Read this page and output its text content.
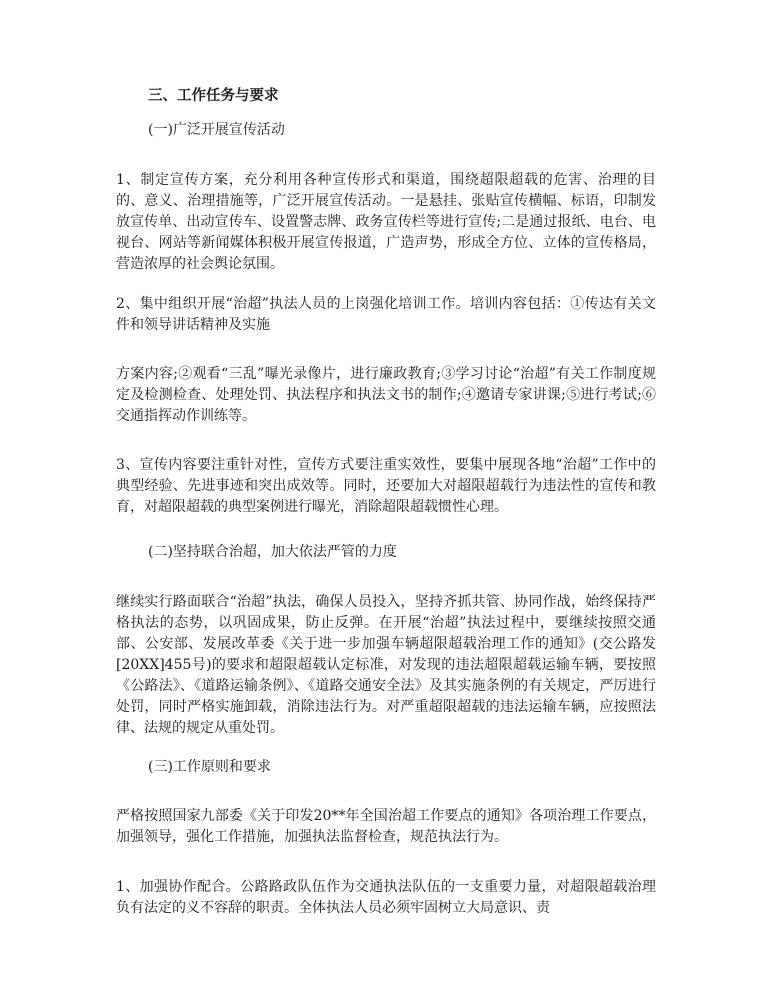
三、工作任务与要求
(一)广泛开展宣传活动
1、制定宣传方案，充分利用各种宣传形式和渠道，围绕超限超载的危害、治理的目的、意义、治理措施等，广泛开展宣传活动。一是悬挂、张贴宣传横幅、标语，印制发放宣传单、出动宣传车、设置警志牌、政务宣传栏等进行宣传;二是通过报纸、电台、电视台、网站等新闻媒体积极开展宣传报道，广造声势，形成全方位、立体的宣传格局，营造浓厚的社会舆论氛围。
2、集中组织开展“治超”执法人员的上岗强化培训工作。培训内容包括：①传达有关文件和领导讲话精神及实施
方案内容;②观看“三乱”曝光录像片，进行廉政教育;③学习讨论“治超”有关工作制度规定及检测检查、处理处罚、执法程序和执法文书的制作;④邀请专家讲课;⑤进行考试;⑥交通指挥动作训练等。
3、宣传内容要注重针对性，宣传方式要注重实效性，要集中展现各地“治超”工作中的典型经验、先进事迹和突出成效等。同时，还要加大对超限超载行为违法性的宣传和教育，对超限超载的典型案例进行曝光，消除超限超载惯性心理。
(二)坚持联合治超，加大依法严管的力度
继续实行路面联合“治超”执法，确保人员投入，坚持齐抓共管、协同作战，始终保持严格执法的态势，以巩固成果，防止反弹。在开展“治超”执法过程中，要继续按照交通部、公安部、发展改革委《关于进一步加强车辆超限超载治理工作的通知》(交公路发[20XX]455号)的要求和超限超载认定标准，对发现的违法超限超载运输车辆，要按照《公路法》、《道路运输条例》、《道路交通安全法》及其实施条例的有关规定，严厉进行处罚，同时严格实施卸载，消除违法行为。对严重超限超载的违法运输车辆，应按照法律、法规的规定从重处罚。
(三)工作原则和要求
严格按照国家九部委《关于印发20**年全国治超工作要点的通知》各项治理工作要点，加强领导，强化工作措施，加强执法监督检查，规范执法行为。
1、加强协作配合。公路路政队伍作为交通执法队伍的一支重要力量，对超限超载治理负有法定的义不容辞的职责。全体执法人员必须牢固树立大局意识、责
